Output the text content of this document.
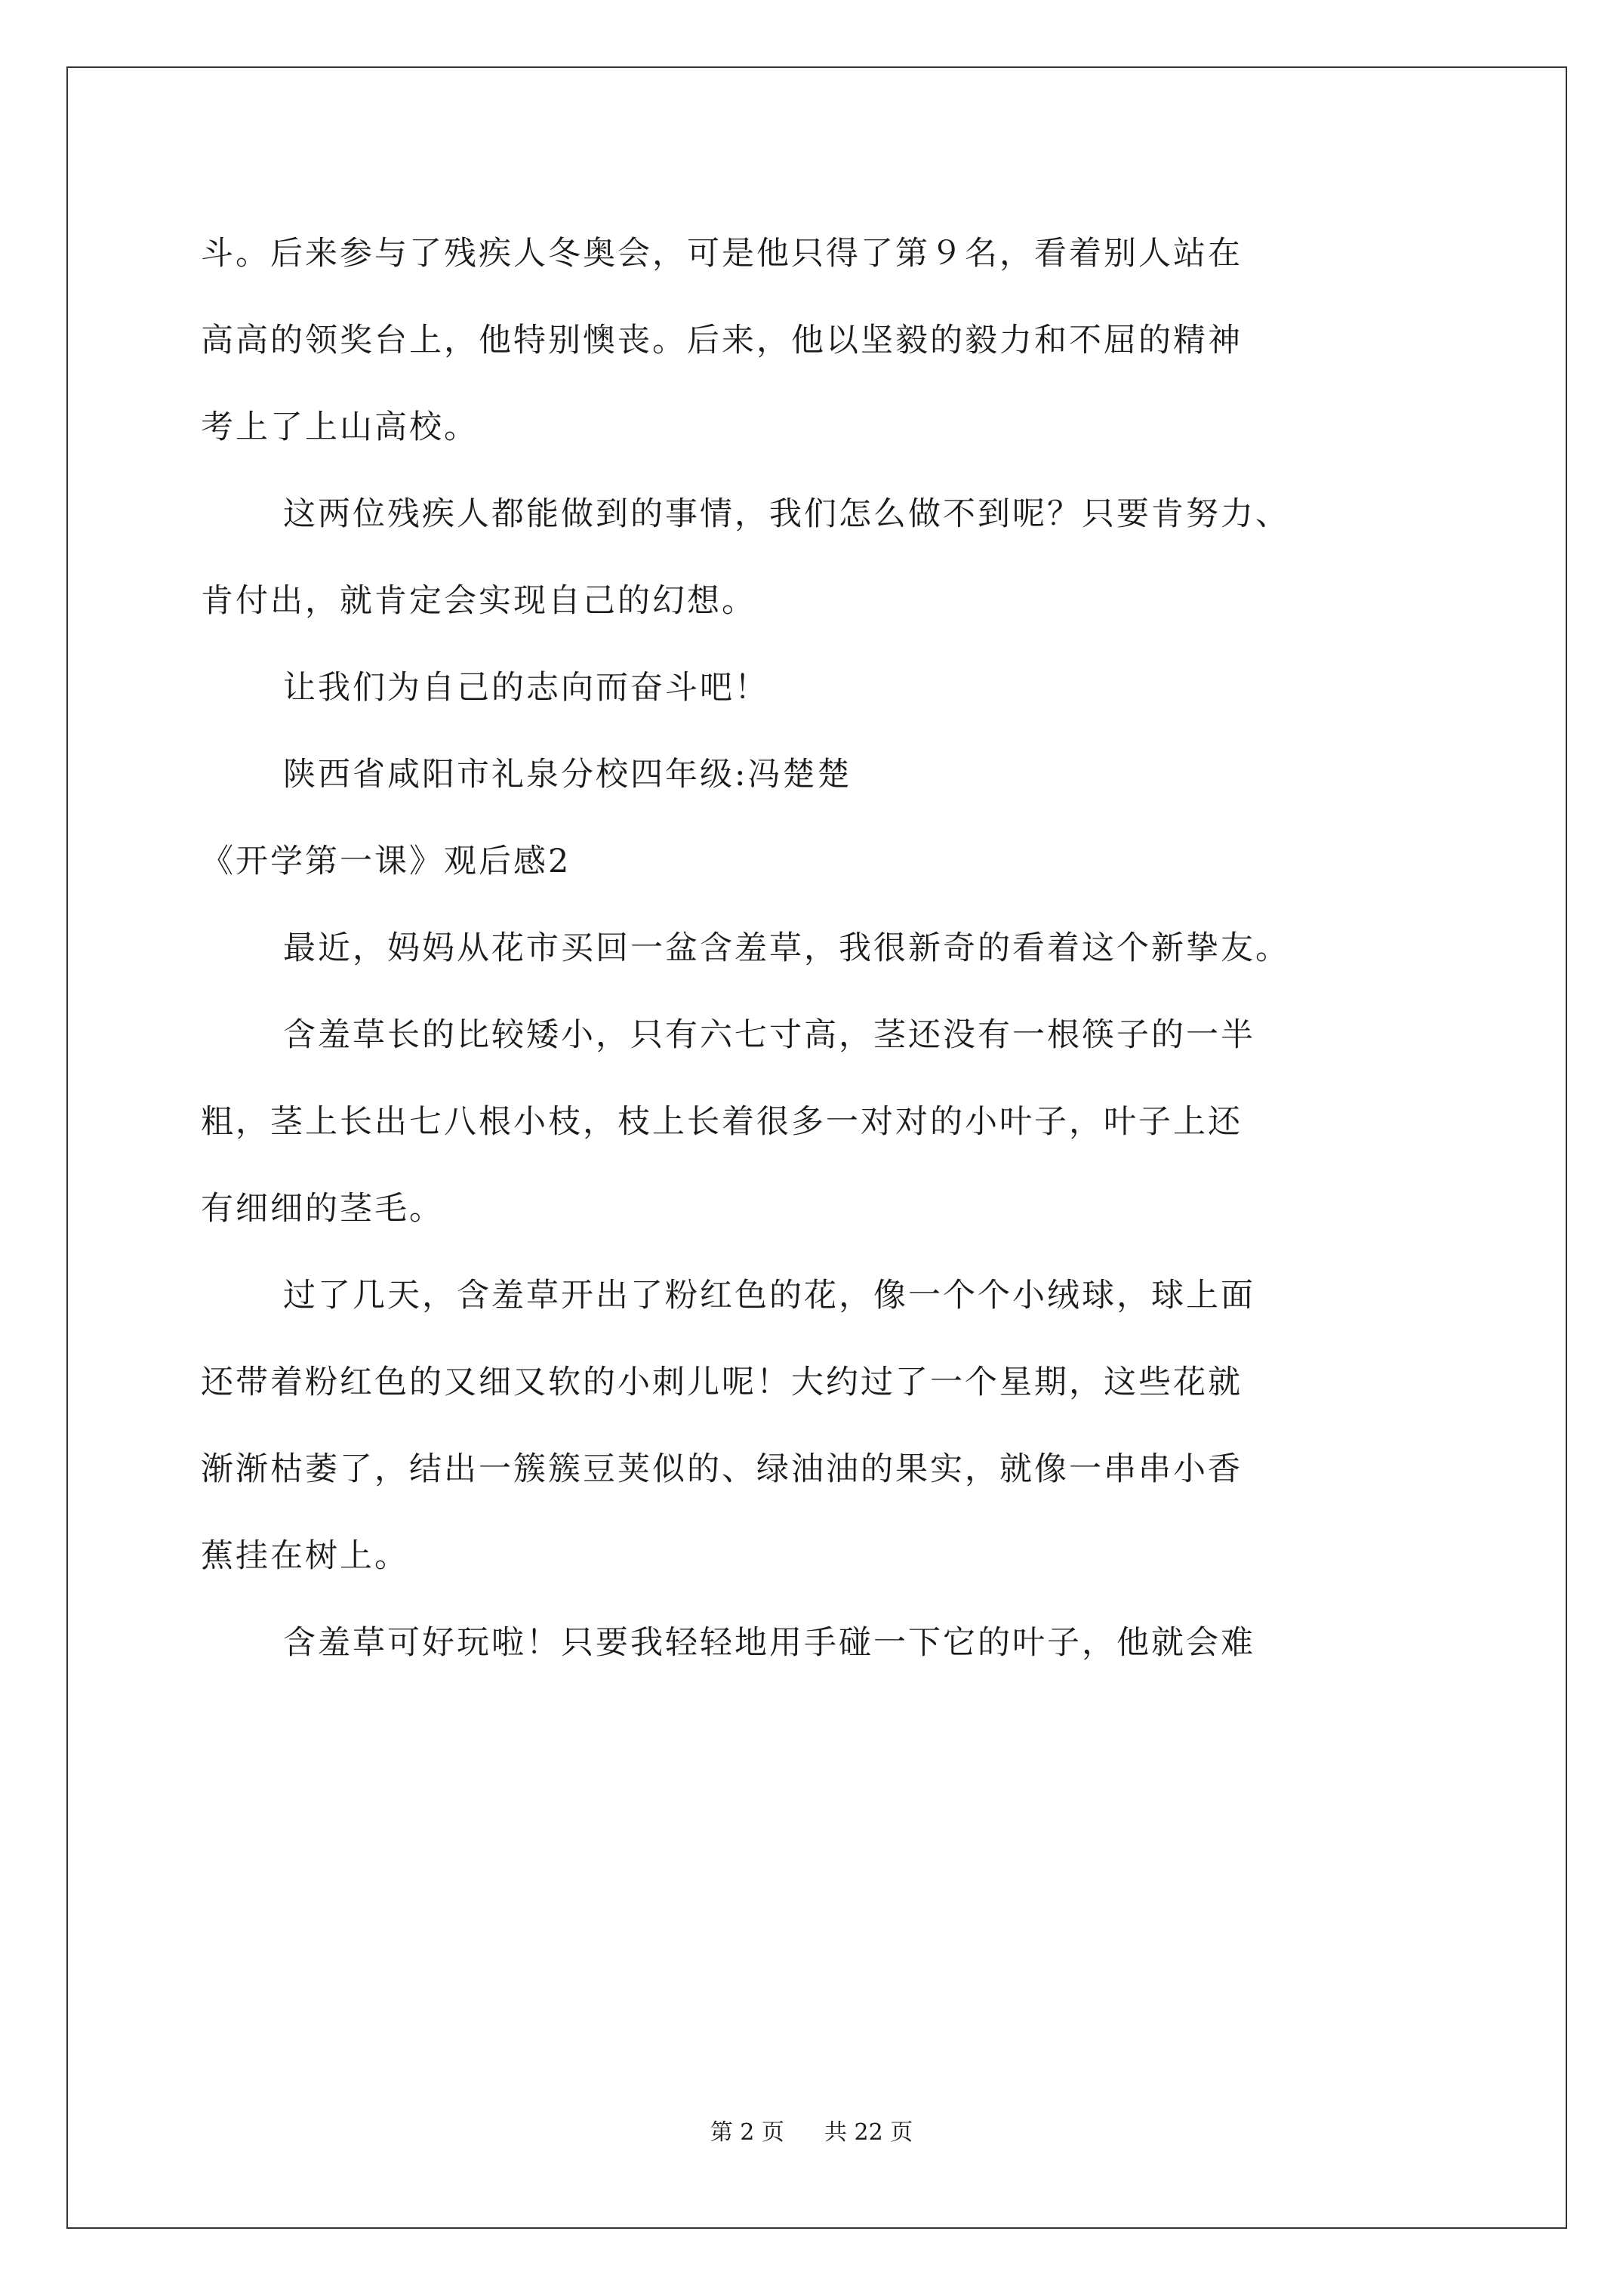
斗。后来参与了残疾人冬奥会，可是他只得了第９名，看着别人站在
高高的领奖台上，他特别懊丧。后来，他以坚毅的毅力和不屈的精神
考上了上山高校。
这两位残疾人都能做到的事情，我们怎么做不到呢？只要肯努力、
肯付出，就肯定会实现自己的幻想。
让我们为自己的志向而奋斗吧！
陕西省咸阳市礼泉分校四年级:冯楚楚
《开学第一课》观后感2
最近，妈妈从花市买回一盆含羞草，我很新奇的看着这个新挚友。
含羞草长的比较矮小，只有六七寸高，茎还没有一根筷子的一半
粗，茎上长出七八根小枝，枝上长着很多一对对的小叶子，叶子上还
有细细的茎毛。
过了几天，含羞草开出了粉红色的花，像一个个小绒球，球上面
还带着粉红色的又细又软的小刺儿呢！大约过了一个星期，这些花就
渐渐枯萎了，结出一簇簇豆荚似的、绿油油的果实，就像一串串小香
蕉挂在树上。
含羞草可好玩啦！只要我轻轻地用手碰一下它的叶子，他就会难
第 2 页 共 22 页
